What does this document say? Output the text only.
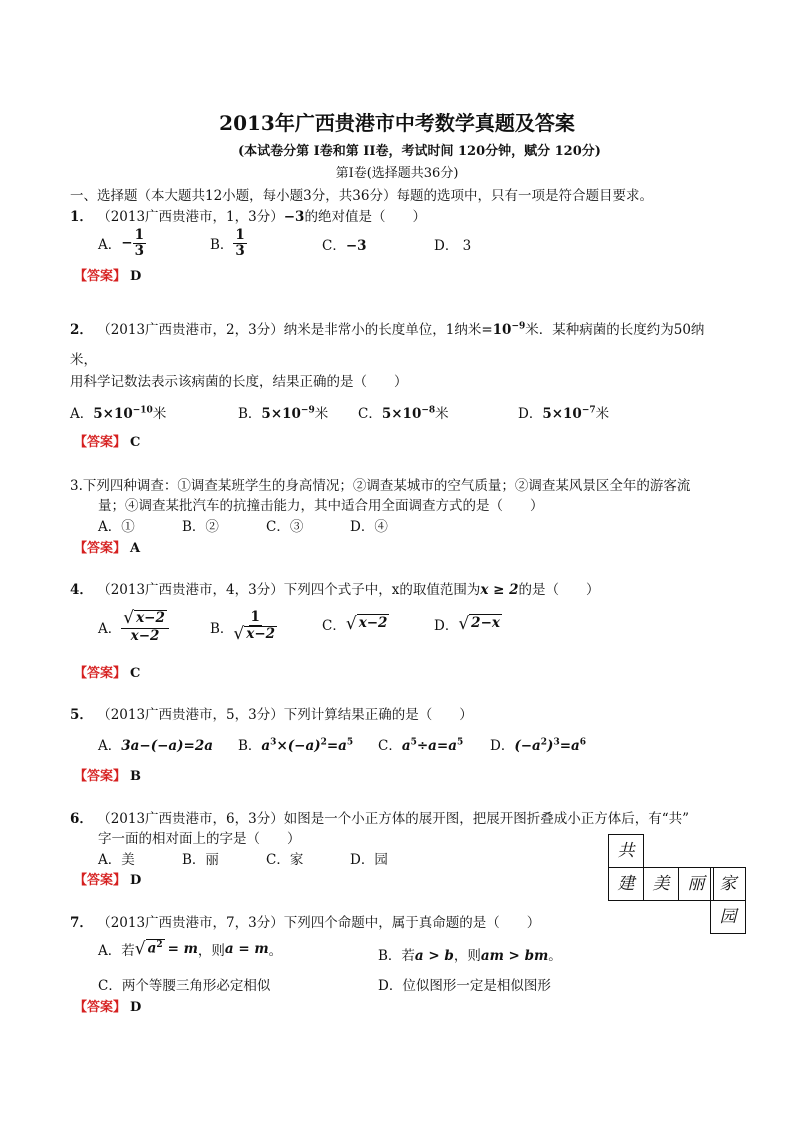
2013年广西贵港市中考数学真题及答案
(本试卷分第 I卷和第 II卷，考试时间 120分钟，赋分 120分)
第Ⅰ卷(选择题共36分)
一、选择题（本大题共12小题，每小题3分，共36分）每题的选项中，只有一项是符合题目要求。
1． （2013广西贵港市，1，3分）−3的绝对值是（　　）
A． − $\frac{1}{3}$	B． $\frac{1}{3}$	C．−3	D． 3
【答案】 D
2． （2013广西贵港市，2，3分）纳米是非常小的长度单位，1纳米$=10^{-9}$米．某种病菌的长度约为50纳
米，
用科学记数法表示该病菌的长度，结果正确的是（　　）
A．$5\times 10^{-10}$米	B．$5\times 10^{-9}$米 C．$5\times 10^{-8}$米	D．$5\times 10^{-7}$米
【答案】 C
3.下列四种调查：①调查某班学生的身高情况；②调查某城市的空气质量；②调查某风景区全年的游客流
量；④调查某批汽车的抗撞击能力，其中适合用全面调查方式的是（　　）
A．①	B．②	C．③	D．④
【答案】 A
4． （2013广西贵港市，4，3分）下列四个式子中，x的取值范围为x ≥ 2的是（　　）
A． $\frac{√ x-2}{x-2}$	B． $\frac{1}{√ x-2}$	C． √ x−2	D． √ 2−x
【答案】 C
5． （2013广西贵港市，5，3分）下列计算结果正确的是（　　）
A．3a−(−a)=2a B．$a^3\times(-a)^2=a^5$ C．$a^5\div a=a^5$ D．$(-a^2)^3=a^6$
【答案】 B
6． （2013广西贵港市，6，3分）如图是一个小正方体的展开图，把展开图折叠成小正方体后，有“共”
字一面的相对面上的字是（　　）
A．美	B．丽	C．家	D．园
【答案】 D
共
建	美	丽 家
园
7． （2013广西贵港市，7，3分）下列四个命题中，属于真命题的是（　　）
A．若 √ $a^2 = m$ ，则 a = m 。	B．若a > b，则am > bm。
C．两个等腰三角形必定相似	D．位似图形一定是相似图形
【答案】 D
